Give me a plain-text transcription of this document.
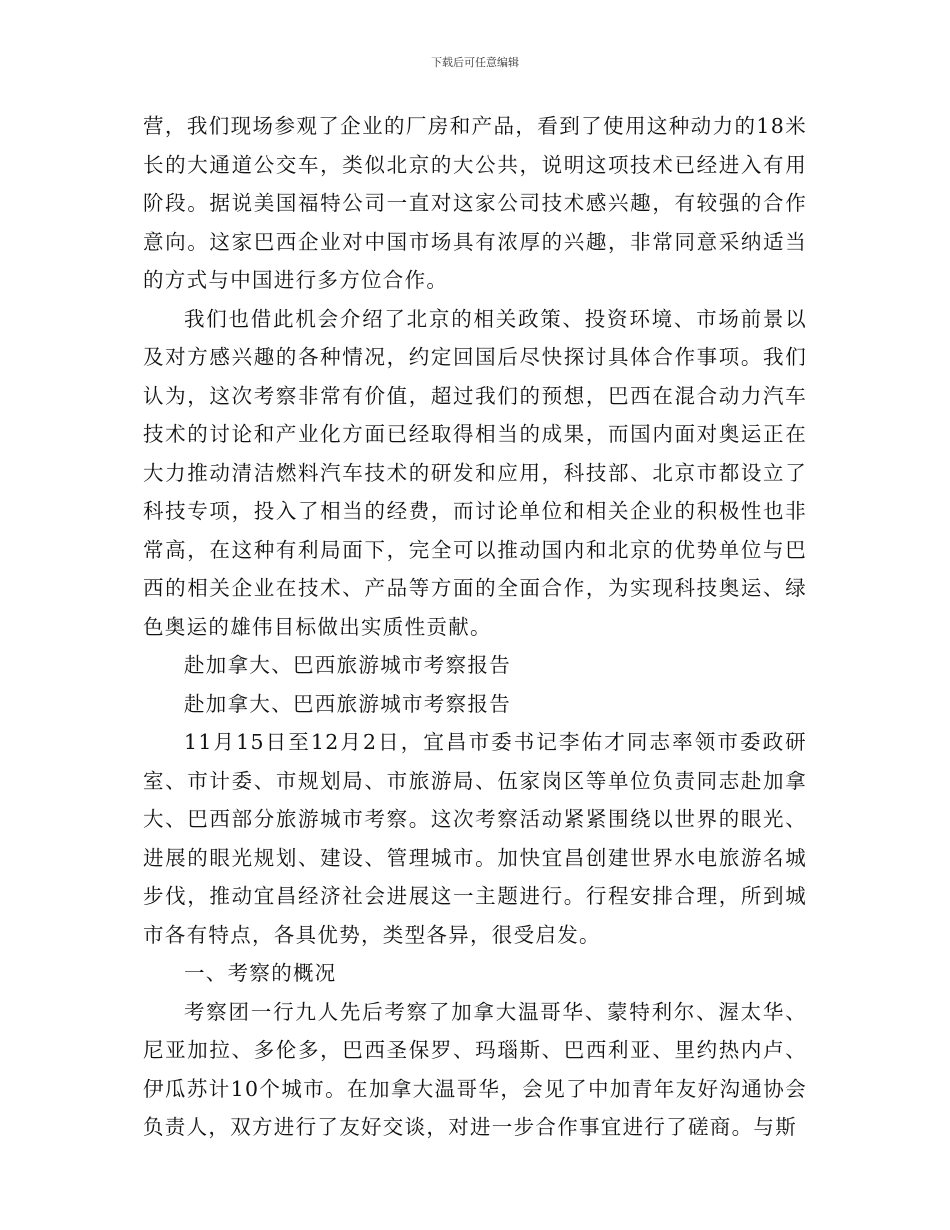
下载后可任意编辑

营，我们现场参观了企业的厂房和产品，看到了使用这种动力的18米长的大通道公交车，类似北京的大公共，说明这项技术已经进入有用阶段。据说美国福特公司一直对这家公司技术感兴趣，有较强的合作意向。这家巴西企业对中国市场具有浓厚的兴趣，非常同意采纳适当的方式与中国进行多方位合作。

我们也借此机会介绍了北京的相关政策、投资环境、市场前景以及对方感兴趣的各种情况，约定回国后尽快探讨具体合作事项。我们认为，这次考察非常有价值，超过我们的预想，巴西在混合动力汽车技术的讨论和产业化方面已经取得相当的成果，而国内面对奥运正在大力推动清洁燃料汽车技术的研发和应用，科技部、北京市都设立了科技专项，投入了相当的经费，而讨论单位和相关企业的积极性也非常高，在这种有利局面下，完全可以推动国内和北京的优势单位与巴西的相关企业在技术、产品等方面的全面合作，为实现科技奥运、绿色奥运的雄伟目标做出实质性贡献。

赴加拿大、巴西旅游城市考察报告

赴加拿大、巴西旅游城市考察报告

11月15日至12月2日，宜昌市委书记李佑才同志率领市委政研室、市计委、市规划局、市旅游局、伍家岗区等单位负责同志赴加拿大、巴西部分旅游城市考察。这次考察活动紧紧围绕以世界的眼光、进展的眼光规划、建设、管理城市。加快宜昌创建世界水电旅游名城步伐，推动宜昌经济社会进展这一主题进行。行程安排合理，所到城市各有特点，各具优势，类型各异，很受启发。

一、考察的概况

考察团一行九人先后考察了加拿大温哥华、蒙特利尔、渥太华、尼亚加拉、多伦多，巴西圣保罗、玛瑙斯、巴西利亚、里约热内卢、伊瓜苏计10个城市。在加拿大温哥华，会见了中加青年友好沟通协会负责人，双方进行了友好交谈，对进一步合作事宜进行了磋商。与斯
